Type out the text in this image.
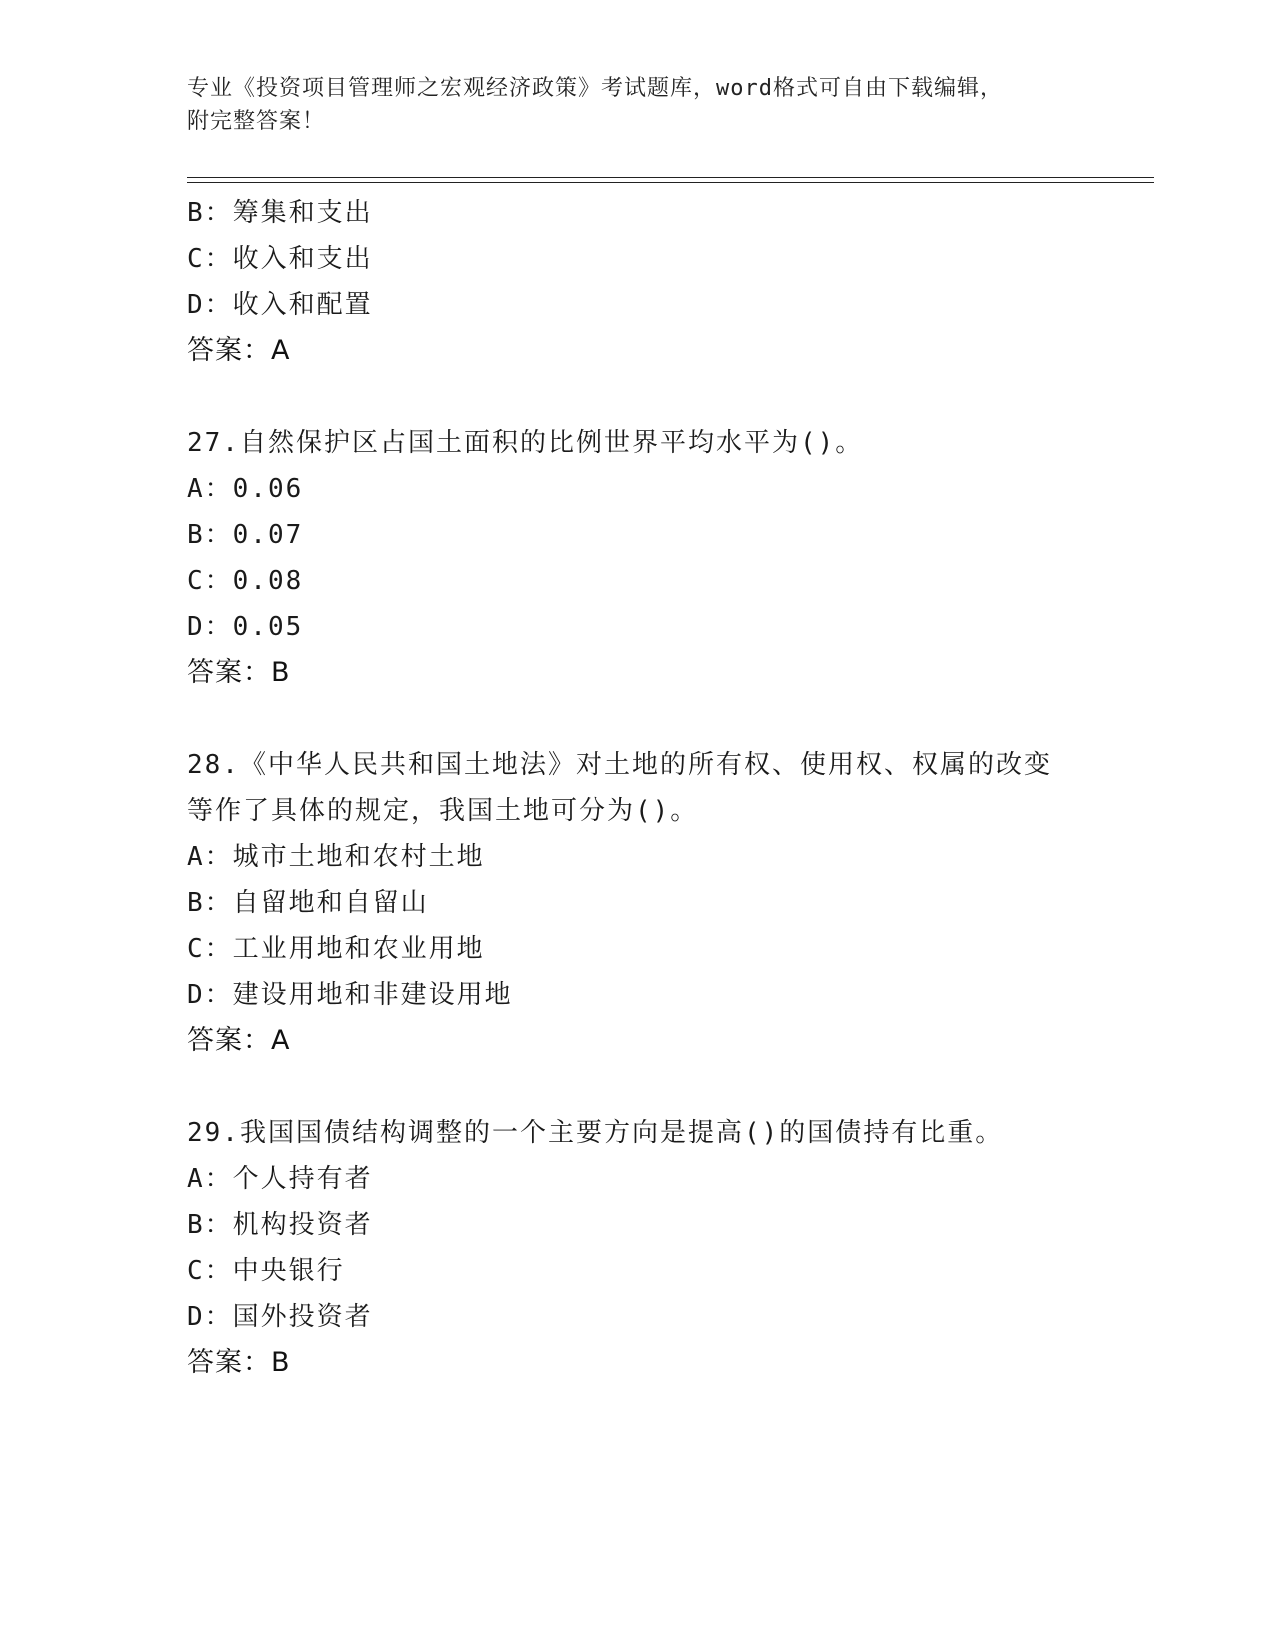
专业《投资项目管理师之宏观经济政策》考试题库，word格式可自由下载编辑，
附完整答案！
B：筹集和支出
C：收入和支出
D：收入和配置
答案：A
27.自然保护区占国土面积的比例世界平均水平为()。
A：0.06
B：0.07
C：0.08
D：0.05
答案：B
28.《中华人民共和国土地法》对土地的所有权、使用权、权属的改变
等作了具体的规定，我国土地可分为()。
A：城市土地和农村土地
B：自留地和自留山
C：工业用地和农业用地
D：建设用地和非建设用地
答案：A
29.我国国债结构调整的一个主要方向是提高()的国债持有比重。
A：个人持有者
B：机构投资者
C：中央银行
D：国外投资者
答案：B
